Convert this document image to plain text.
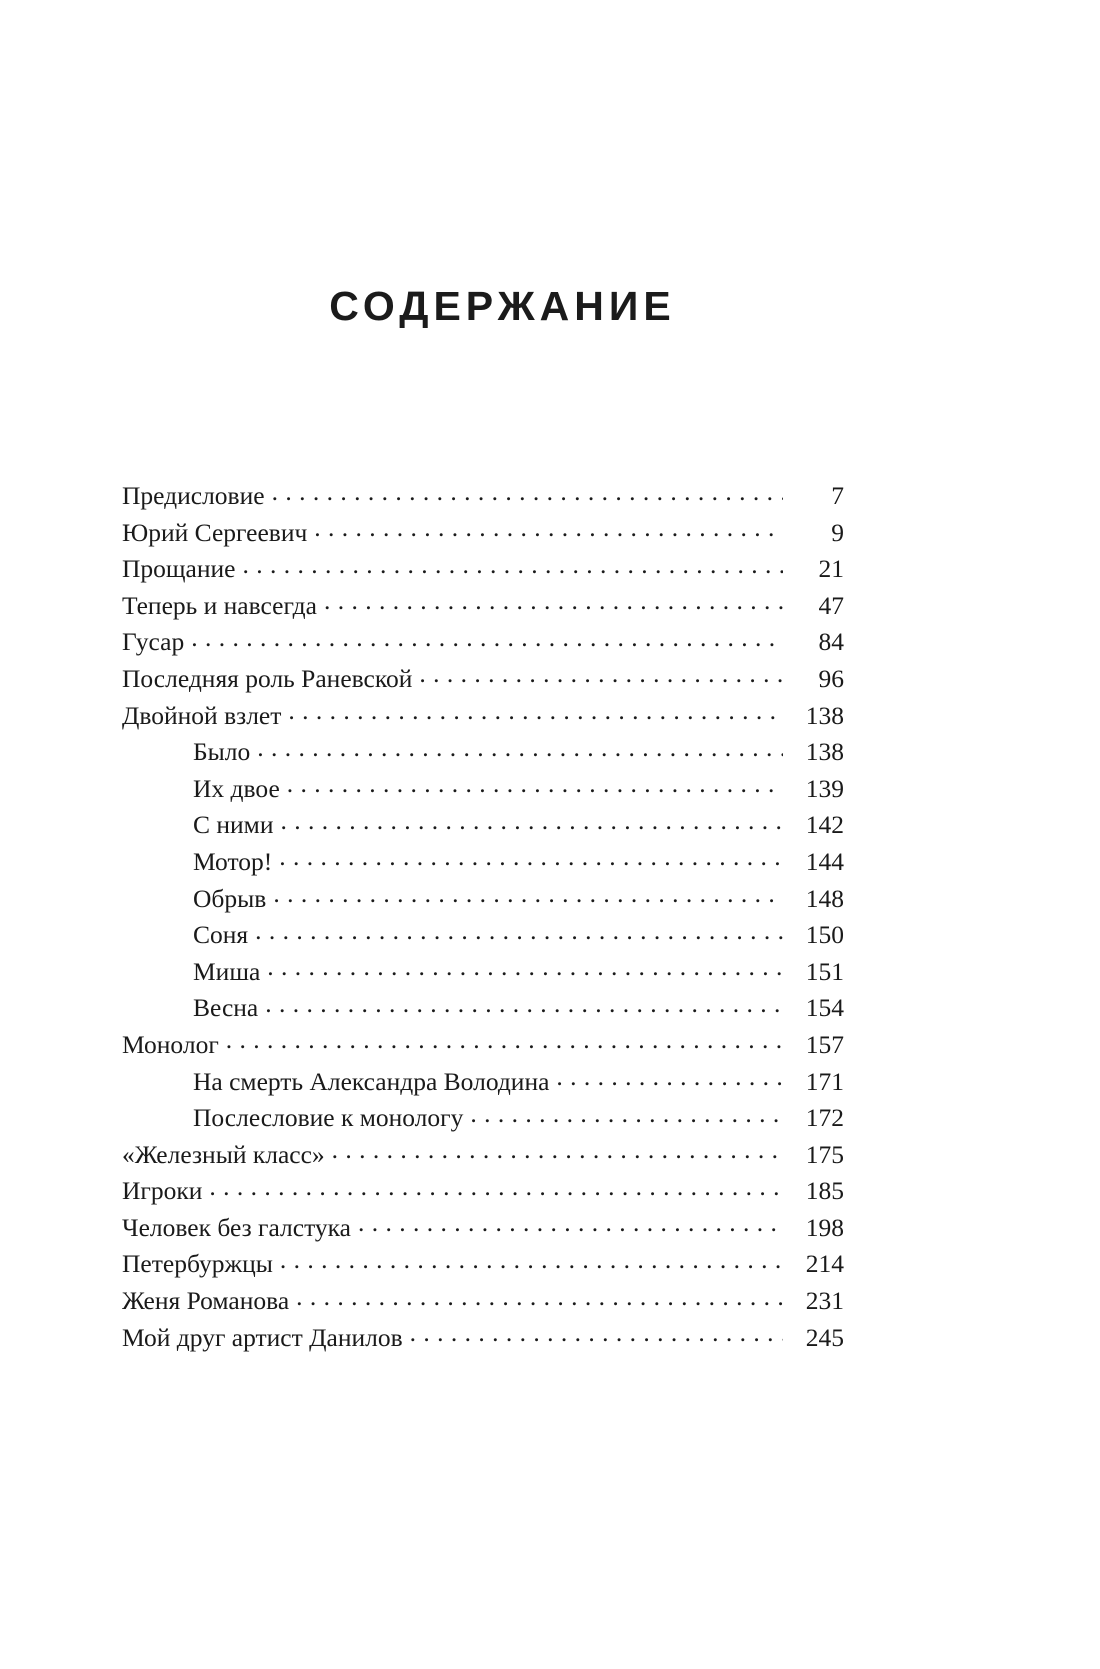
СОДЕРЖАНИЕ
Предисловие . . .	7
Юрий Сергеевич . . .	9
Прощание . . .	21
Теперь и навсегда . . .	47
Гусар . . .	84
Последняя роль Раневской . . .	96
Двойной взлет . . .	138
Было . . .	138
Их двое . . .	139
С ними . . .	142
Мотор! . . .	144
Обрыв . . .	148
Соня . . .	150
Миша . . .	151
Весна . . .	154
Монолог . . .	157
На смерть Александра Володина . . .	171
Послесловие к монологу . . .	172
«Железный класс» . . .	175
Игроки . . .	185
Человек без галстука . . .	198
Петербуржцы . . .	214
Женя Романова . . .	231
Мой друг артист Данилов . . .	245
